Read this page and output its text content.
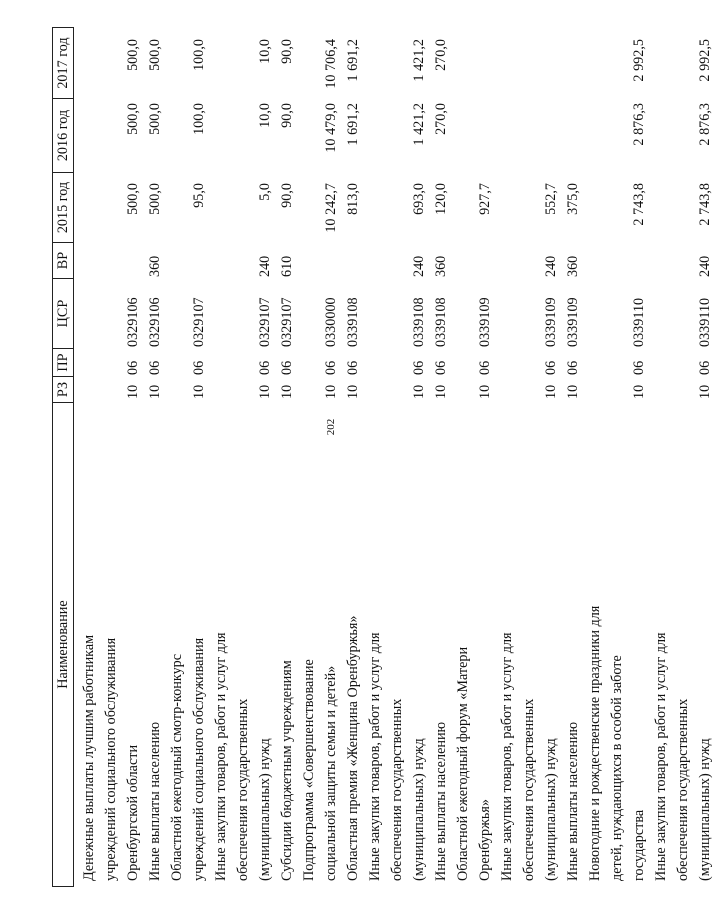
202
Наименование
РЗ
ПР
ЦСР
ВР
2015 год
2016 год
2017 год
Денежные выплаты лучшим работникам учреждений социального обслуживания Оренбургской области
10
06
0329106
500,0
500,0
500,0
Иные выплаты населению
10
06
0329106
360
500,0
500,0
500,0
Областной ежегодный смотр-конкурс учреждений социального обслуживания
10
06
0329107
95,0
100,0
100,0
Иные закупки товаров, работ и услуг для обеспечения государственных (муниципальных) нужд
10
06
0329107
240
5,0
10,0
10,0
Субсидии бюджетным учреждениям
10
06
0329107
610
90,0
90,0
90,0
Подпрограмма «Совершенствование социальной защиты семьи и детей»
10
06
0330000
10 242,7
10 479,0
10 706,4
Областная премия «Женщина Оренбуржья»
10
06
0339108
813,0
1 691,2
1 691,2
Иные закупки товаров, работ и услуг для обеспечения государственных (муниципальных) нужд
10
06
0339108
240
693,0
1 421,2
1 421,2
Иные выплаты населению
10
06
0339108
360
120,0
270,0
270,0
Областной ежегодный форум «Матери Оренбуржья»
10
06
0339109
927,7
Иные закупки товаров, работ и услуг для обеспечения государственных (муниципальных) нужд
10
06
0339109
240
552,7
Иные выплаты населению
10
06
0339109
360
375,0
Новогодние и рождественские праздники для детей, нуждающихся в особой заботе государства
10
06
0339110
2 743,8
2 876,3
2 992,5
Иные закупки товаров, работ и услуг для обеспечения государственных (муниципальных) нужд
10
06
0339110
240
2 743,8
2 876,3
2 992,5
